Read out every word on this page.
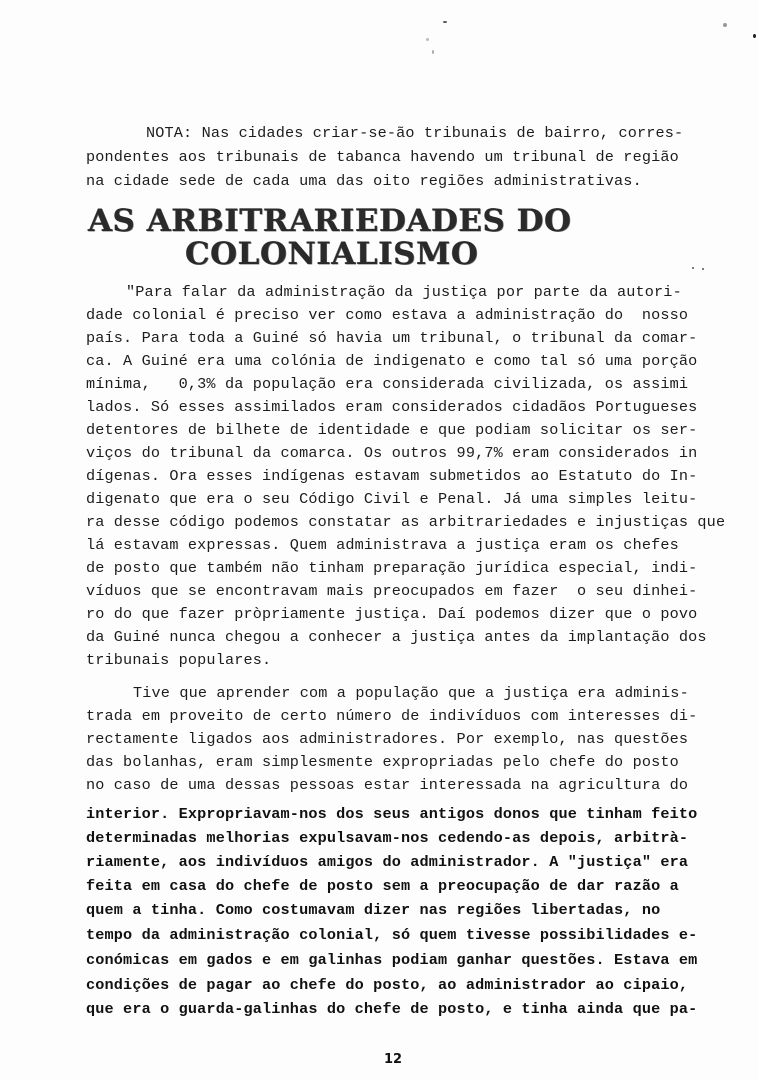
NOTA: Nas cidades criar-se-ão tribunais de bairro, corres-
pondentes aos tribunais de tabanca havendo um tribunal de região
na cidade sede de cada uma das oito regiões administrativas.
AS ARBITRARIEDADES DO
COLONIALISMO
"Para falar da administração da justiça por parte da autori-
dade colonial é preciso ver como estava a administração do  nosso
país. Para toda a Guiné só havia um tribunal, o tribunal da comar-
ca. A Guiné era uma colónia de indigenato e como tal só uma porção
mínima,   0,3% da população era considerada civilizada, os assimi
lados. Só esses assimilados eram considerados cidadãos Portugueses
detentores de bilhete de identidade e que podiam solicitar os ser-
viços do tribunal da comarca. Os outros 99,7% eram considerados in
dígenas. Ora esses indígenas estavam submetidos ao Estatuto do In-
digenato que era o seu Código Civil e Penal. Já uma simples leitu-
ra desse código podemos constatar as arbitrariedades e injustiças que
lá estavam expressas. Quem administrava a justiça eram os chefes
de posto que também não tinham preparação jurídica especial, indi-
víduos que se encontravam mais preocupados em fazer  o seu dinhei-
ro do que fazer pròpriamente justiça. Daí podemos dizer que o povo
da Guiné nunca chegou a conhecer a justiça antes da implantação dos
tribunais populares.
Tive que aprender com a população que a justiça era adminis-
trada em proveito de certo número de indivíduos com interesses di-
rectamente ligados aos administradores. Por exemplo, nas questões
das bolanhas, eram simplesmente expropriadas pelo chefe do posto
no caso de uma dessas pessoas estar interessada na agricultura do
interior. Expropriavam-nos dos seus antigos donos que tinham feito
determinadas melhorias expulsavam-nos cedendo-as depois, arbitrà-
riamente, aos indivíduos amigos do administrador. A "justiça" era
feita em casa do chefe de posto sem a preocupação de dar razão a
quem a tinha. Como costumavam dizer nas regiões libertadas, no
tempo da administração colonial, só quem tivesse possibilidades e-
conómicas em gados e em galinhas podiam ganhar questões. Estava em
condições de pagar ao chefe do posto, ao administrador ao cipaio,
que era o guarda-galinhas do chefe de posto, e tinha ainda que pa-
12
